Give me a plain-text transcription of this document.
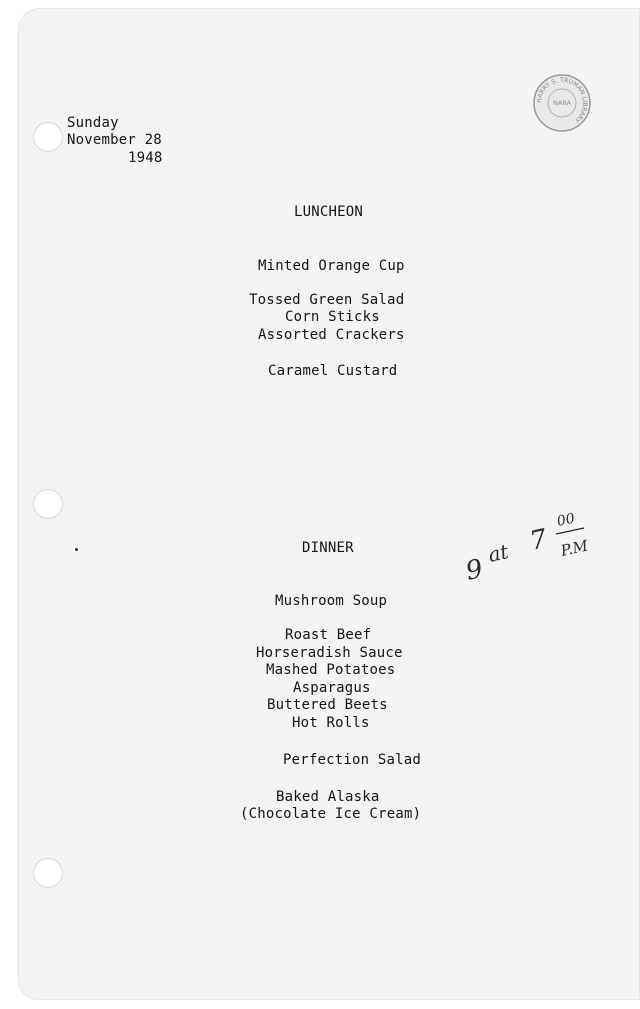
Sunday
November 28
1948
HARRY S. TRUMAN LIBRARY
NARA
LUNCHEON
Minted Orange Cup
Tossed Green Salad
Corn Sticks
Assorted Crackers
Caramel Custard
DINNER
9
at 7
00
P.M
Mushroom Soup
Roast Beef
Horseradish Sauce
Mashed Potatoes
Asparagus
Buttered Beets
Hot Rolls
Perfection Salad
Baked Alaska
(Chocolate Ice Cream)
